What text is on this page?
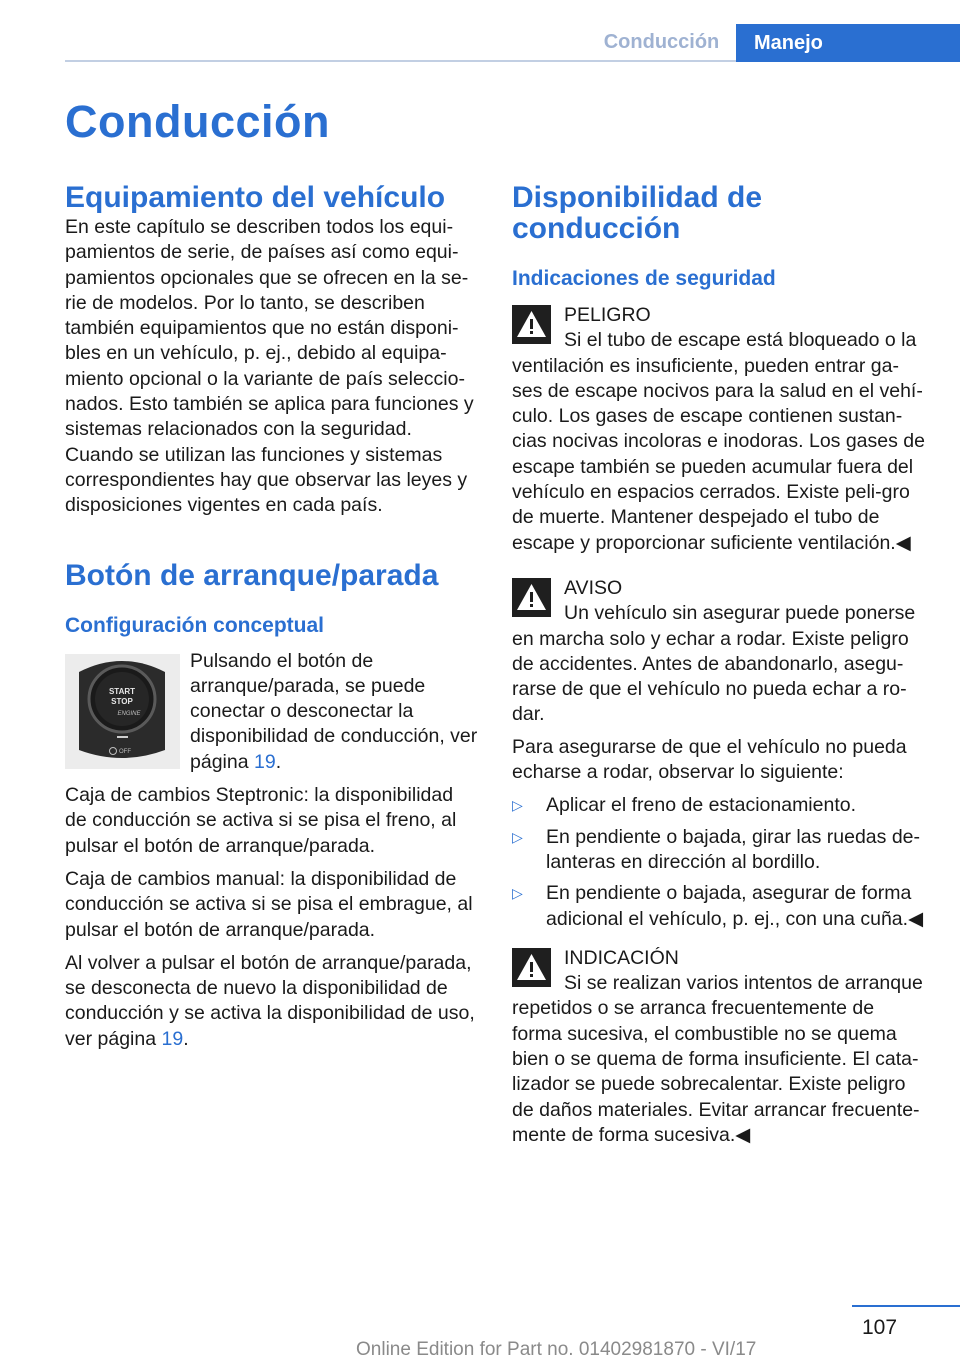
Conducción	Manejo
Conducción
Equipamiento del vehículo

En este capítulo se describen todos los equi‐pamientos de serie, de países así como equi‐pamientos opcionales que se ofrecen en la se‐rie de modelos. Por lo tanto, se describen también equipamientos que no están disponi‐bles en un vehículo, p. ej., debido al equipa‐miento opcional o la variante de país seleccio‐nados. Esto también se aplica para funciones y sistemas relacionados con la seguridad. Cuando se utilizan las funciones y sistemas correspondientes hay que observar las leyes y disposiciones vigentes en cada país.

Botón de arranque/parada
Configuración conceptual
START
STOP
ENGINE
OFF

Pulsando el botón de arranque/parada, se puede conectar o desconectar la disponibilidad de conducción, ver página 19.

Caja de cambios Steptronic: la disponibilidad de conducción se activa si se pisa el freno, al pulsar el botón de arranque/parada.

Caja de cambios manual: la disponibilidad de conducción se activa si se pisa el embrague, al pulsar el botón de arranque/parada.

Al volver a pulsar el botón de arranque/parada, se desconecta de nuevo la disponibilidad de conducción y se activa la disponibilidad de uso, ver página 19.

Disponibilidad de conducción
Indicaciones de seguridad

PELIGRO
Si el tubo de escape está bloqueado o la ventilación es insuficiente, pueden entrar ga‐ses de escape nocivos para la salud en el vehí‐culo. Los gases de escape contienen sustan‐cias nocivas incoloras e inodoras. Los gases de escape también se pueden acumular fuera del vehículo en espacios cerrados. Existe peli‐gro de muerte. Mantener despejado el tubo de escape y proporcionar suficiente ventilación.◀

AVISO
Un vehículo sin asegurar puede ponerse en marcha solo y echar a rodar. Existe peligro de accidentes. Antes de abandonarlo, asegu‐rarse de que el vehículo no pueda echar a ro‐dar.

Para asegurarse de que el vehículo no pueda echarse a rodar, observar lo siguiente:

▷ Aplicar el freno de estacionamiento.
▷ En pendiente o bajada, girar las ruedas de‐lanteras en dirección al bordillo.
▷ En pendiente o bajada, asegurar de forma adicional el vehículo, p. ej., con una cuña.◀

INDICACIÓN
Si se realizan varios intentos de arranque repetidos o se arranca frecuentemente de forma sucesiva, el combustible no se quema bien o se quema de forma insuficiente. El cata‐lizador se puede sobrecalentar. Existe peligro de daños materiales. Evitar arrancar frecuente‐mente de forma sucesiva.◀

107
Online Edition for Part no. 01402981870 - VI/17
